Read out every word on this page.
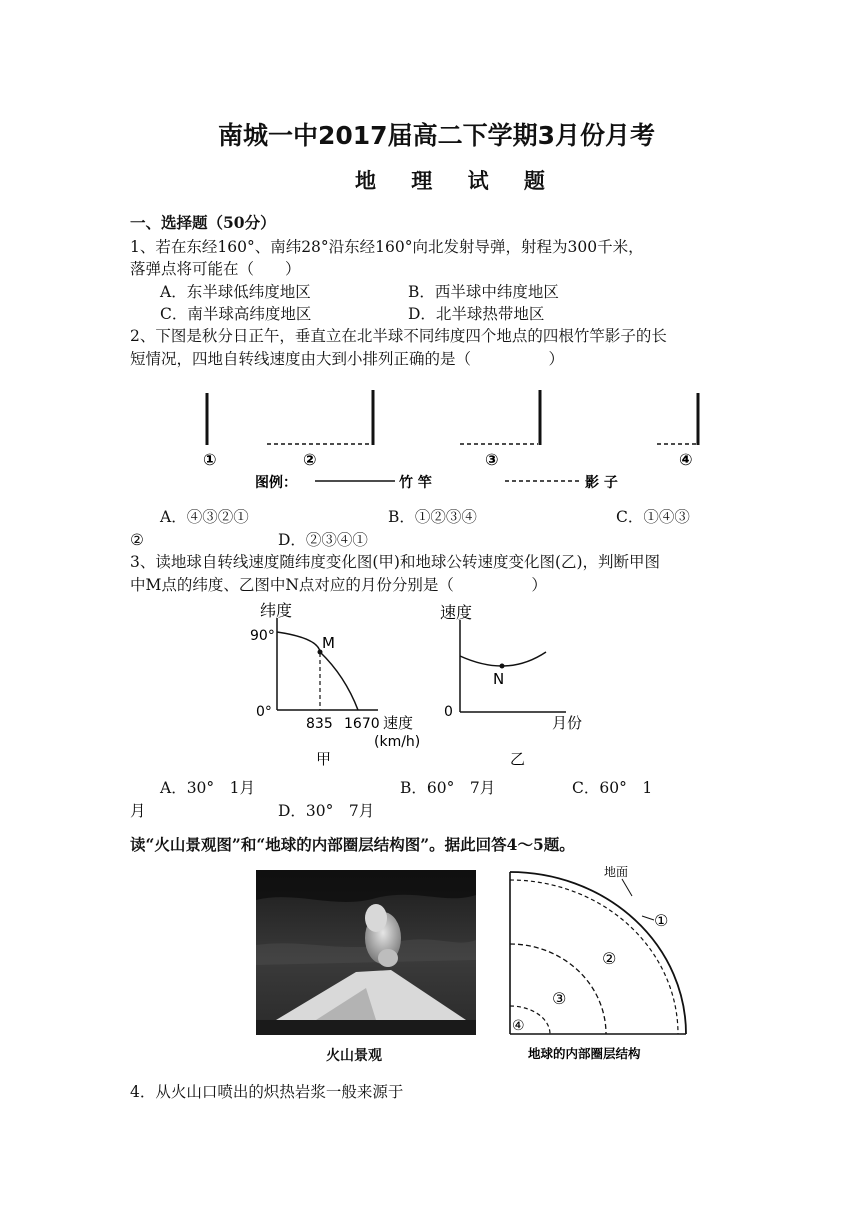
南城一中2017届高二下学期3月份月考
地 理 试 题
一、选择题（50分）
1、若在东经160°、南纬28°沿东经160°向北发射导弹，射程为300千米，
落弹点将可能在（　　）
A．东半球低纬度地区	B．西半球中纬度地区
C．南半球高纬度地区	D．北半球热带地区
2、下图是秋分日正午，垂直立在北半球不同纬度四个地点的四根竹竿影子的长
短情况，四地自转线速度由大到小排列正确的是（　　　　　）
①	②	③	④
图例：	竹 竿	影 子
A．④③②①	B．①②③④	C．①④③
②	D．②③④①
3、读地球自转线速度随纬度变化图(甲)和地球公转速度变化图(乙)，判断甲图
中M点的纬度、乙图中N点对应的月份分别是（　　　　　）
纬度
90°
0°
M
835 1670 速度
(km/h)
甲
速度
0
N
月份
乙
A．30°　1月	B．60°　7月	C．60°　1
月	D．30°　7月
读“火山景观图”和“地球的内部圈层结构图”。据此回答4～5题。
火山景观
地面
①
②
③
④
地球的内部圈层结构
4．从火山口喷出的炽热岩浆一般来源于
